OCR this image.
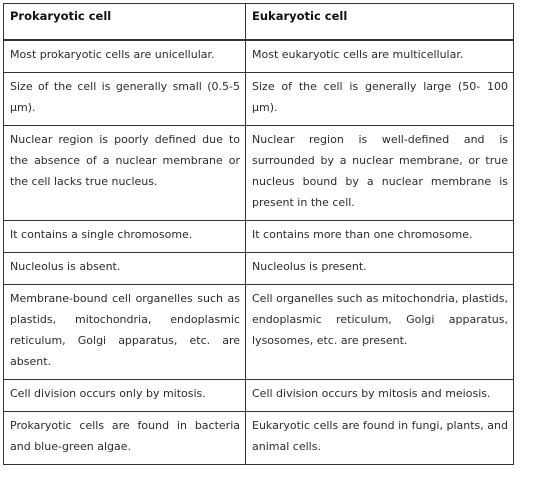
Prokaryotic cell	Eukaryotic cell
Most prokaryotic cells are unicellular.	Most eukaryotic cells are multicellular.
Size of the cell is generally small (0.5-5 µm).	Size of the cell is generally large (50- 100 µm).
Nuclear region is poorly defined due to the absence of a nuclear membrane or the cell lacks true nucleus.	Nuclear region is well-defined and is surrounded by a nuclear membrane, or true nucleus bound by a nuclear membrane is present in the cell.
It contains a single chromosome.	It contains more than one chromosome.
Nucleolus is absent.	Nucleolus is present.
Membrane-bound cell organelles such as plastids, mitochondria, endoplasmic reticulum, Golgi apparatus, etc. are absent.	Cell organelles such as mitochondria, plastids, endoplasmic reticulum, Golgi apparatus, lysosomes, etc. are present.
Cell division occurs only by mitosis.	Cell division occurs by mitosis and meiosis.
Prokaryotic cells are found in bacteria and blue-green algae.	Eukaryotic cells are found in fungi, plants, and animal cells.
